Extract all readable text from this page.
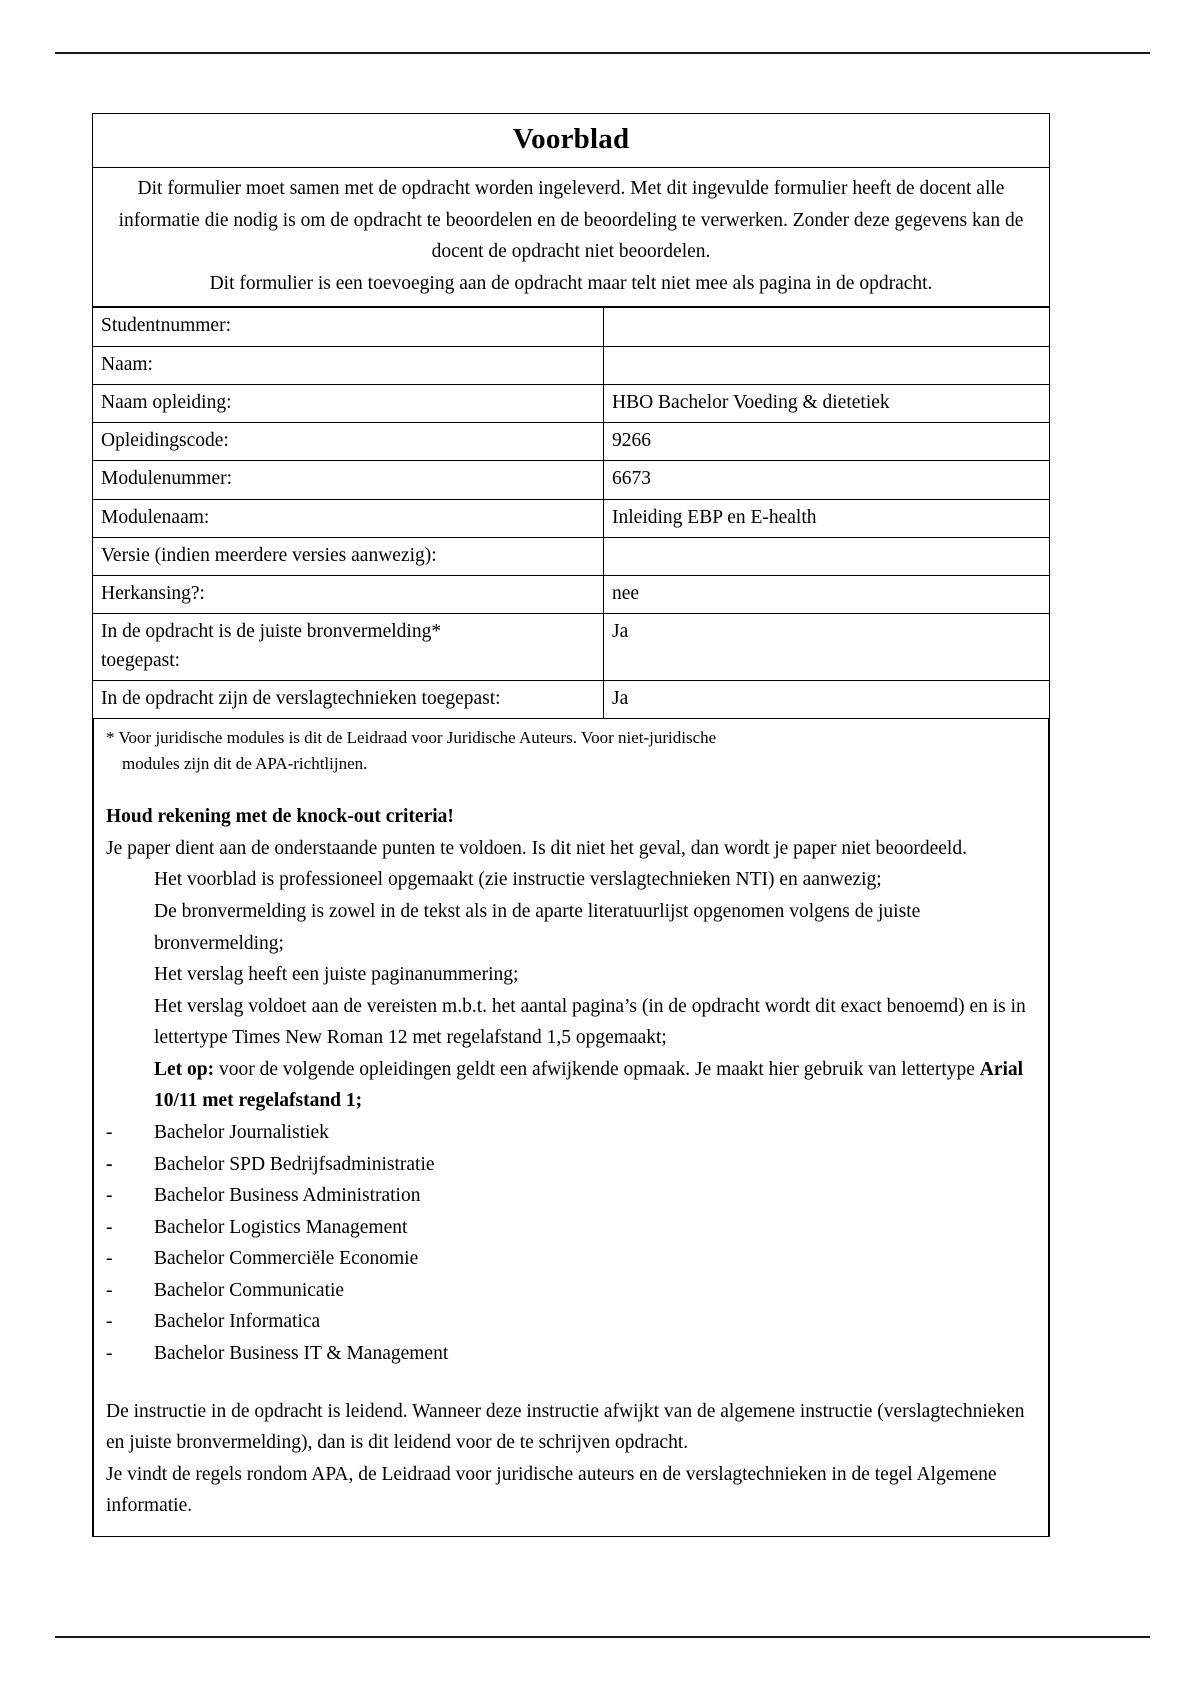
Voorblad

Dit formulier moet samen met de opdracht worden ingeleverd. Met dit ingevulde formulier heeft de docent alle informatie die nodig is om de opdracht te beoordelen en de beoordeling te verwerken. Zonder deze gegevens kan de docent de opdracht niet beoordelen.

Dit formulier is een toevoeging aan de opdracht maar telt niet mee als pagina in de opdracht.

Studentnummer:	
Naam:	
Naam opleiding:	HBO Bachelor Voeding & dietetiek
Opleidingscode:	9266
Modulenummer:	6673
Modulenaam:	Inleiding EBP en E-health
Versie (indien meerdere versies aanwezig):	
Herkansing?:	nee
In de opdracht is de juiste bronvermelding*
toegepast:	Ja
In de opdracht zijn de verslagtechnieken toegepast:	Ja

* Voor juridische modules is dit de Leidraad voor Juridische Auteurs. Voor niet-juridische
modules zijn dit de APA-richtlijnen.

Houd rekening met de knock-out criteria!

Je paper dient aan de onderstaande punten te voldoen. Is dit niet het geval, dan wordt je paper niet beoordeeld.

Het voorblad is professioneel opgemaakt (zie instructie verslagtechnieken NTI) en aanwezig;
De bronvermelding is zowel in de tekst als in de aparte literatuurlijst opgenomen volgens de juiste bronvermelding;
Het verslag heeft een juiste paginanummering;
Het verslag voldoet aan de vereisten m.b.t. het aantal pagina’s (in de opdracht wordt dit exact benoemd) en is in lettertype Times New Roman 12 met regelafstand 1,5 opgemaakt;
Let op: voor de volgende opleidingen geldt een afwijkende opmaak. Je maakt hier gebruik van lettertype Arial 10/11 met regelafstand 1;
- Bachelor Journalistiek
- Bachelor SPD Bedrijfsadministratie
- Bachelor Business Administration
- Bachelor Logistics Management
- Bachelor Commerciële Economie
- Bachelor Communicatie
- Bachelor Informatica
- Bachelor Business IT & Management

De instructie in de opdracht is leidend. Wanneer deze instructie afwijkt van de algemene instructie (verslagtechnieken en juiste bronvermelding), dan is dit leidend voor de te schrijven opdracht.

Je vindt de regels rondom APA, de Leidraad voor juridische auteurs en de verslagtechnieken in de tegel Algemene informatie.
